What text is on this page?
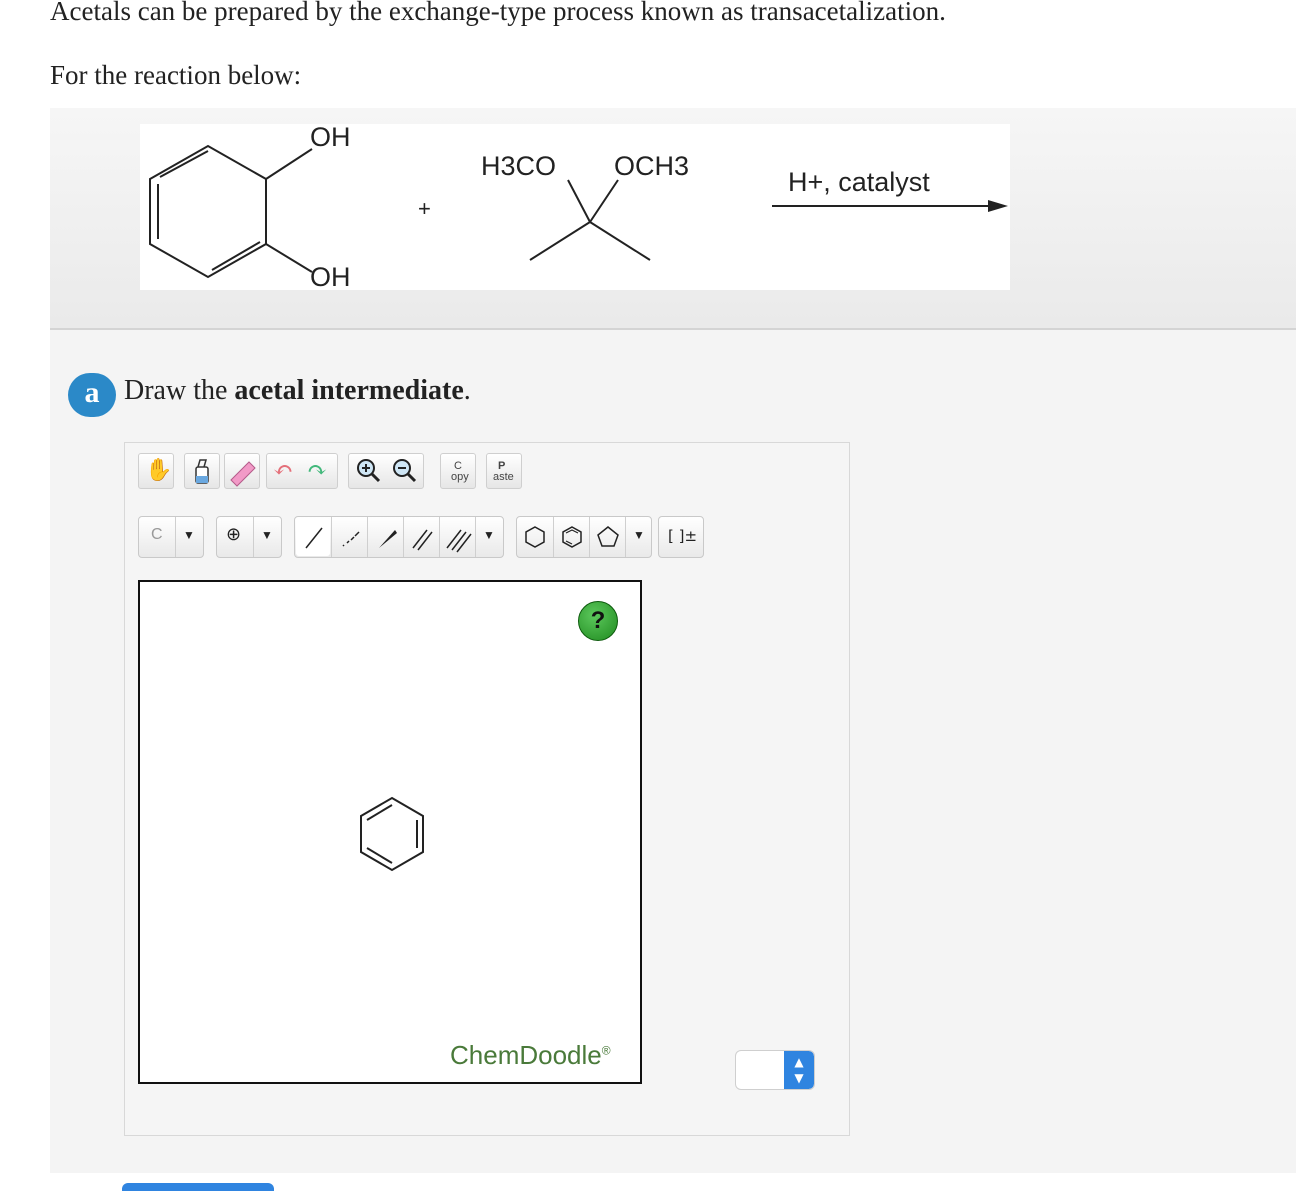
Acetals can be prepared by the exchange-type process known as transacetalization.
For the reaction below:
OH
OH
+
H3CO OCH3
H+, catalyst
a Draw the acetal intermediate.
✋	↶ ↷	C
opy
P
aste
C ▼ ⊕ ▼	▼	▼ [ ]±
?
ChemDoodle®
▲
▼
